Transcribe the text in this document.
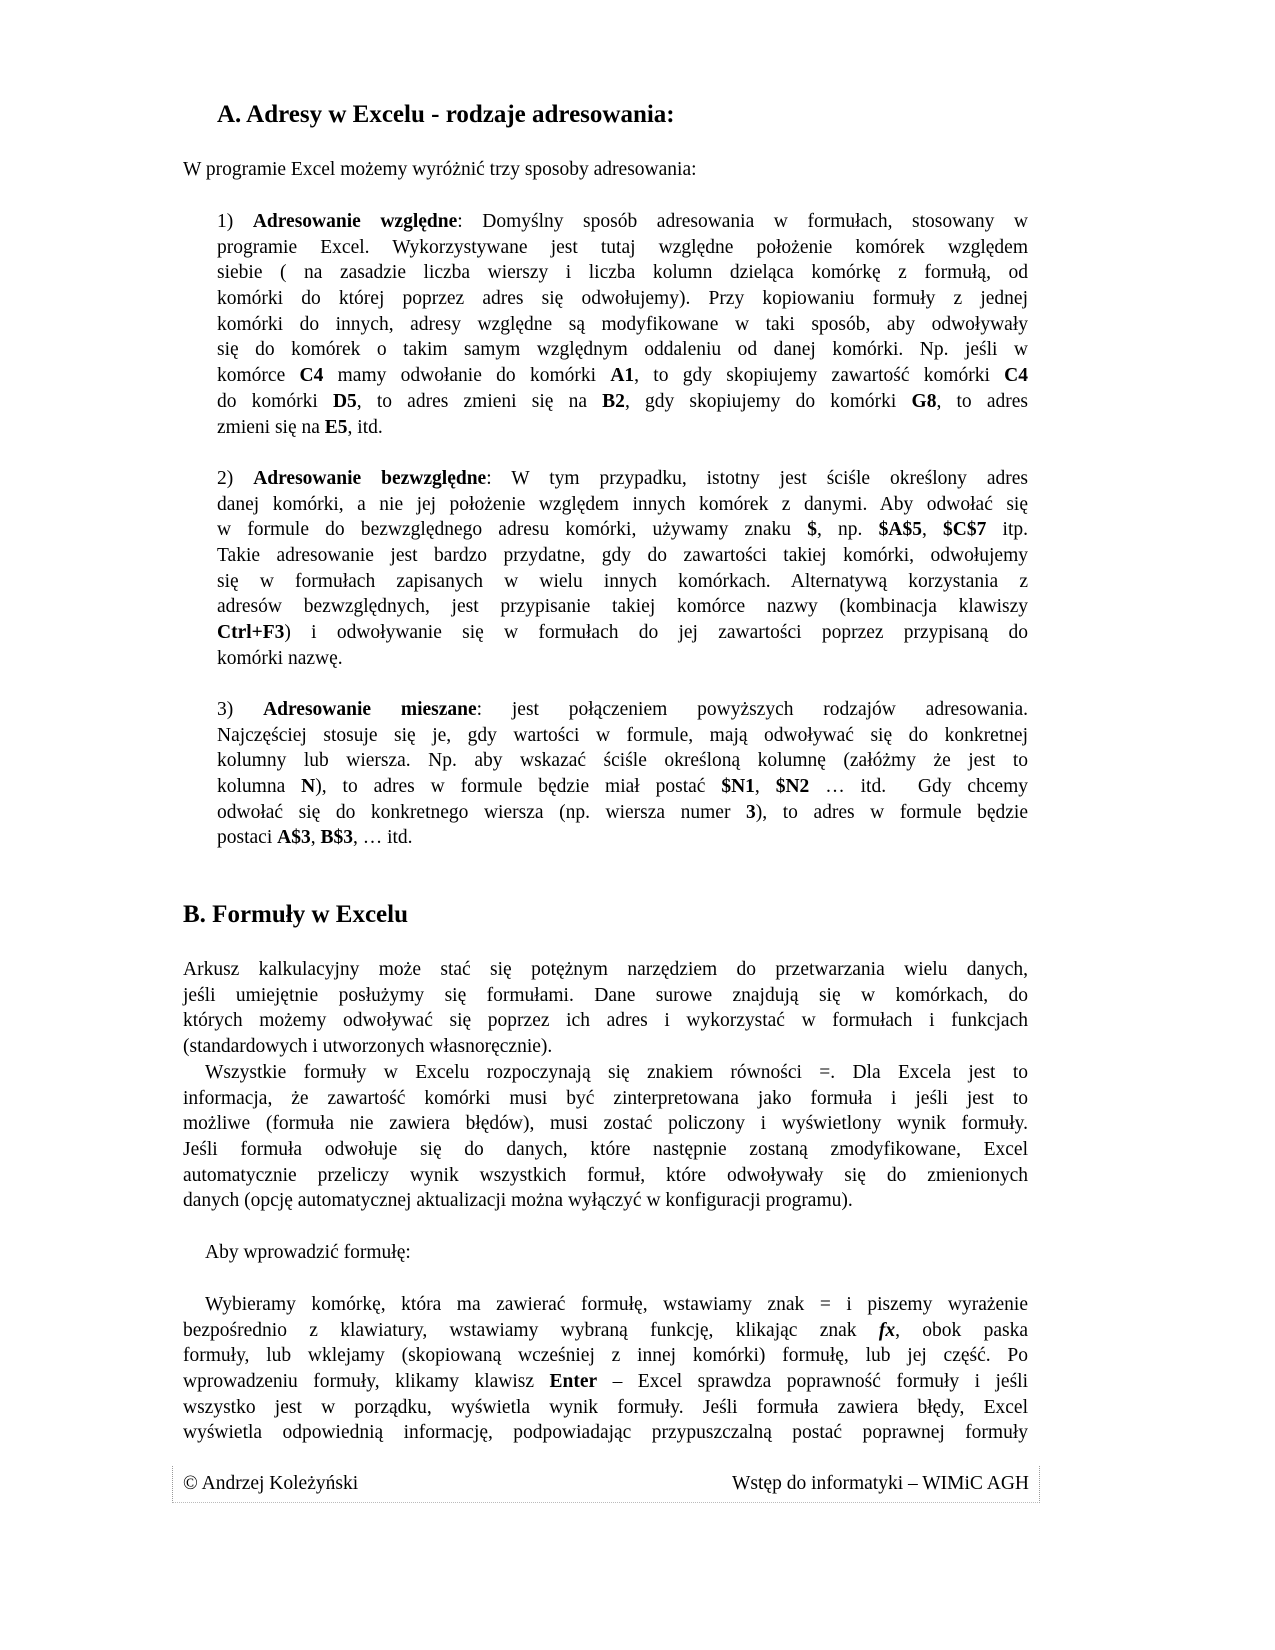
A. Adresy w Excelu - rodzaje adresowania:
B. Formuły w Excelu
W programie Excel możemy wyróżnić trzy sposoby adresowania:
1) Adresowanie względne: Domyślny sposób adresowania w formułach, stosowany w
programie Excel. Wykorzystywane jest tutaj względne położenie komórek względem
siebie ( na zasadzie liczba wierszy i liczba kolumn dzieląca komórkę z formułą, od
komórki do której poprzez adres się odwołujemy). Przy kopiowaniu formuły z jednej
komórki do innych, adresy względne są modyfikowane w taki sposób, aby odwoływały
się do komórek o takim samym względnym oddaleniu od danej komórki. Np. jeśli w
komórce C4 mamy odwołanie do komórki A1, to gdy skopiujemy zawartość komórki C4
do komórki D5, to adres zmieni się na B2, gdy skopiujemy do komórki G8, to adres
zmieni się na E5, itd.
2) Adresowanie bezwzględne: W tym przypadku, istotny jest ściśle określony adres
danej komórki, a nie jej położenie względem innych komórek z danymi. Aby odwołać się
w formule do bezwzględnego adresu komórki, używamy znaku $, np. $A$5, $C$7 itp.
Takie adresowanie jest bardzo przydatne, gdy do zawartości takiej komórki, odwołujemy
się w formułach zapisanych w wielu innych komórkach. Alternatywą korzystania z
adresów bezwzględnych, jest przypisanie takiej komórce nazwy (kombinacja klawiszy
Ctrl+F3) i odwoływanie się w formułach do jej zawartości poprzez przypisaną do
komórki nazwę.
3) Adresowanie mieszane: jest połączeniem powyższych rodzajów adresowania.
Najczęściej stosuje się je, gdy wartości w formule, mają odwoływać się do konkretnej
kolumny lub wiersza. Np. aby wskazać ściśle określoną kolumnę (załóżmy że jest to
kolumna N), to adres w formule będzie miał postać $N1, $N2 … itd.  Gdy chcemy
odwołać się do konkretnego wiersza (np. wiersza numer 3), to adres w formule będzie
postaci A$3, B$3, … itd.
Arkusz kalkulacyjny może stać się potężnym narzędziem do przetwarzania wielu danych,
jeśli umiejętnie posłużymy się formułami. Dane surowe znajdują się w komórkach, do
których możemy odwoływać się poprzez ich adres i wykorzystać w formułach i funkcjach
(standardowych i utworzonych własnoręcznie).
Wszystkie formuły w Excelu rozpoczynają się znakiem równości =. Dla Excela jest to
informacja, że zawartość komórki musi być zinterpretowana jako formuła i jeśli jest to
możliwe (formuła nie zawiera błędów), musi zostać policzony i wyświetlony wynik formuły.
Jeśli formuła odwołuje się do danych, które następnie zostaną zmodyfikowane, Excel
automatycznie przeliczy wynik wszystkich formuł, które odwoływały się do zmienionych
danych (opcję automatycznej aktualizacji można wyłączyć w konfiguracji programu).
Aby wprowadzić formułę:
Wybieramy komórkę, która ma zawierać formułę, wstawiamy znak = i piszemy wyrażenie
bezpośrednio z klawiatury, wstawiamy wybraną funkcję, klikając znak fx, obok paska
formuły, lub wklejamy (skopiowaną wcześniej z innej komórki) formułę, lub jej część. Po
wprowadzeniu formuły, klikamy klawisz Enter – Excel sprawdza poprawność formuły i jeśli
wszystko jest w porządku, wyświetla wynik formuły. Jeśli formuła zawiera błędy, Excel
wyświetla odpowiednią informację, podpowiadając przypuszczalną postać poprawnej formuły
© Andrzej Koleżyński	Wstęp do informatyki – WIMiC AGH
